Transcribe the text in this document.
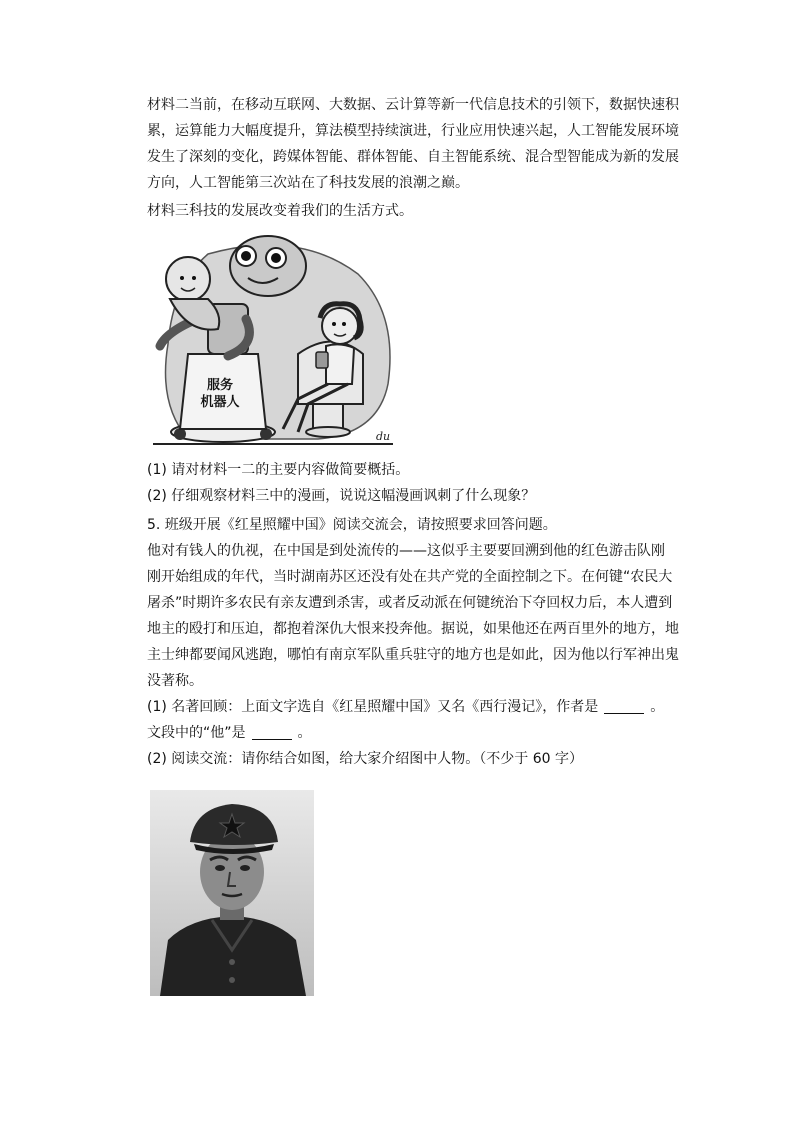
材料二当前，在移动互联网、大数据、云计算等新一代信息技术的引领下，数据快速积
累，运算能力大幅度提升，算法模型持续演进，行业应用快速兴起，人工智能发展环境
发生了深刻的变化，跨媒体智能、群体智能、自主智能系统、混合型智能成为新的发展
方向，人工智能第三次站在了科技发展的浪潮之巅。
材料三科技的发展改变着我们的生活方式。
服务
机器人
du
(1) 请对材料一二的主要内容做简要概括。
(2) 仔细观察材料三中的漫画，说说这幅漫画讽刺了什么现象？
5. 班级开展《红星照耀中国》阅读交流会，请按照要求回答问题。
他对有钱人的仇视，在中国是到处流传的——这似乎主要要回溯到他的红色游击队刚
刚开始组成的年代，当时湖南苏区还没有处在共产党的全面控制之下。在何键“农民大
屠杀”时期许多农民有亲友遭到杀害，或者反动派在何键统治下夺回权力后，本人遭到
地主的殴打和压迫，都抱着深仇大恨来投奔他。据说，如果他还在两百里外的地方，地
主士绅都要闻风逃跑，哪怕有南京军队重兵驻守的地方也是如此，因为他以行军神出鬼
没著称。
(1) 名著回顾：上面文字选自《红星照耀中国》又名《西行漫记》，作者是	。
文段中的“他”是	。
(2) 阅读交流：请你结合如图，给大家介绍图中人物。（不少于 60 字）
